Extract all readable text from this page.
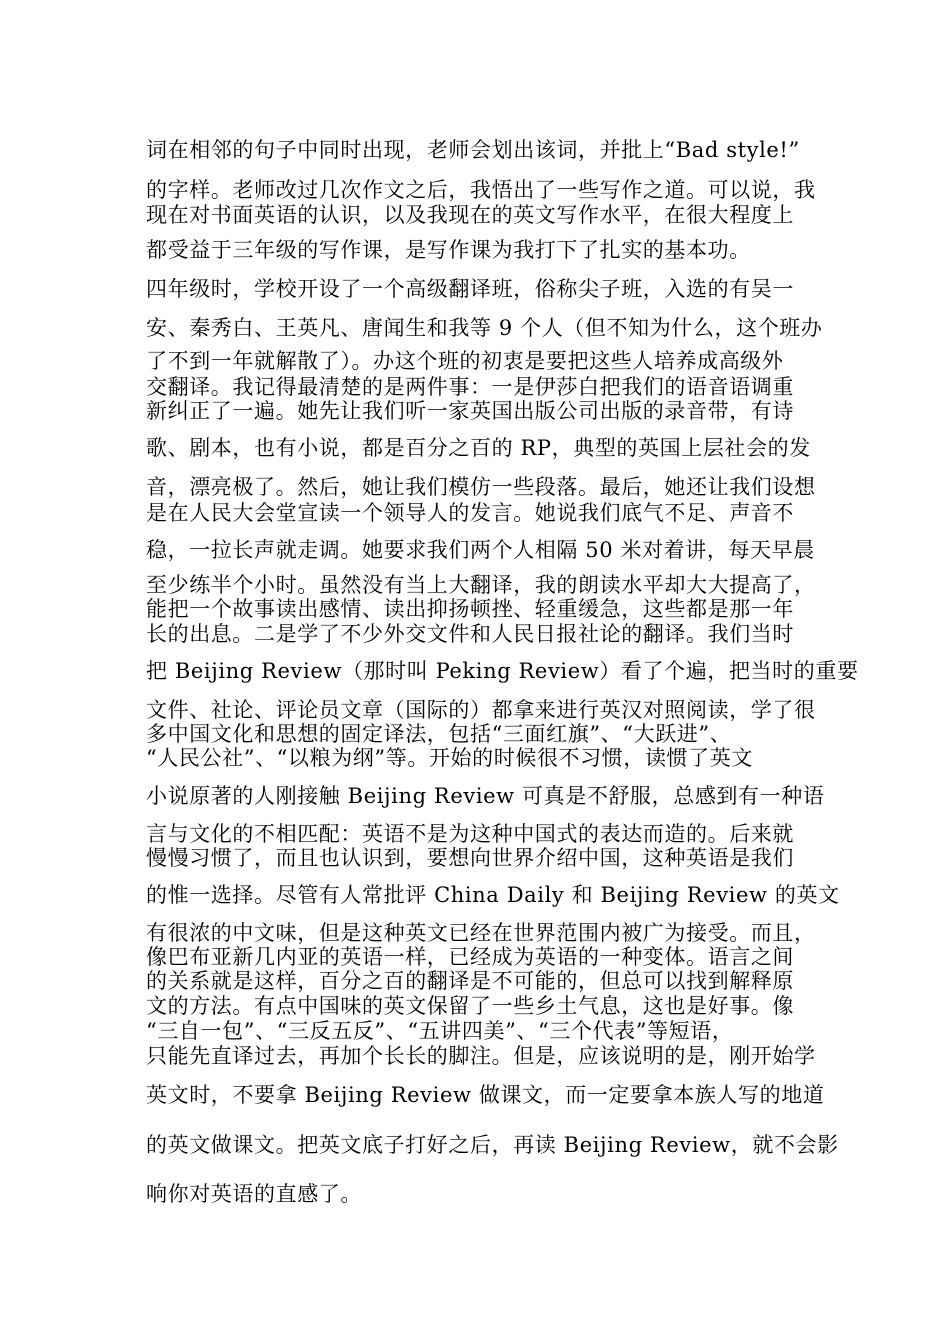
词在相邻的句子中同时出现，老师会划出该词，并批上“Bad style!”

的字样。老师改过几次作文之后，我悟出了一些写作之道。可以说，我

现在对书面英语的认识，以及我现在的英文写作水平，在很大程度上

都受益于三年级的写作课，是写作课为我打下了扎实的基本功。

四年级时，学校开设了一个高级翻译班，俗称尖子班，入选的有吴一

安、秦秀白、王英凡、唐闻生和我等 9 个人（但不知为什么，这个班办

了不到一年就解散了）。办这个班的初衷是要把这些人培养成高级外

交翻译。我记得最清楚的是两件事：一是伊莎白把我们的语音语调重

新纠正了一遍。她先让我们听一家英国出版公司出版的录音带，有诗

歌、剧本，也有小说，都是百分之百的 RP，典型的英国上层社会的发

音，漂亮极了。然后，她让我们模仿一些段落。最后，她还让我们设想

是在人民大会堂宣读一个领导人的发言。她说我们底气不足、声音不

稳，一拉长声就走调。她要求我们两个人相隔 50 米对着讲，每天早晨

至少练半个小时。虽然没有当上大翻译，我的朗读水平却大大提高了，

能把一个故事读出感情、读出抑扬顿挫、轻重缓急，这些都是那一年

长的出息。二是学了不少外交文件和人民日报社论的翻译。我们当时

把 Beijing Review（那时叫 Peking Review）看了个遍，把当时的重要

文件、社论、评论员文章（国际的）都拿来进行英汉对照阅读，学了很

多中国文化和思想的固定译法，包括“三面红旗”、“大跃进”、

“人民公社”、“以粮为纲”等。开始的时候很不习惯，读惯了英文

小说原著的人刚接触 Beijing Review 可真是不舒服，总感到有一种语

言与文化的不相匹配：英语不是为这种中国式的表达而造的。后来就

慢慢习惯了，而且也认识到，要想向世界介绍中国，这种英语是我们

的惟一选择。尽管有人常批评 China Daily 和 Beijing Review 的英文

有很浓的中文味，但是这种英文已经在世界范围内被广为接受。而且，

像巴布亚新几内亚的英语一样，已经成为英语的一种变体。语言之间

的关系就是这样，百分之百的翻译是不可能的，但总可以找到解释原

文的方法。有点中国味的英文保留了一些乡土气息，这也是好事。像

“三自一包”、“三反五反”、“五讲四美”、“三个代表”等短语，

只能先直译过去，再加个长长的脚注。但是，应该说明的是，刚开始学

英文时，不要拿 Beijing Review 做课文，而一定要拿本族人写的地道

的英文做课文。把英文底子打好之后，再读 Beijing Review，就不会影

响你对英语的直感了。
